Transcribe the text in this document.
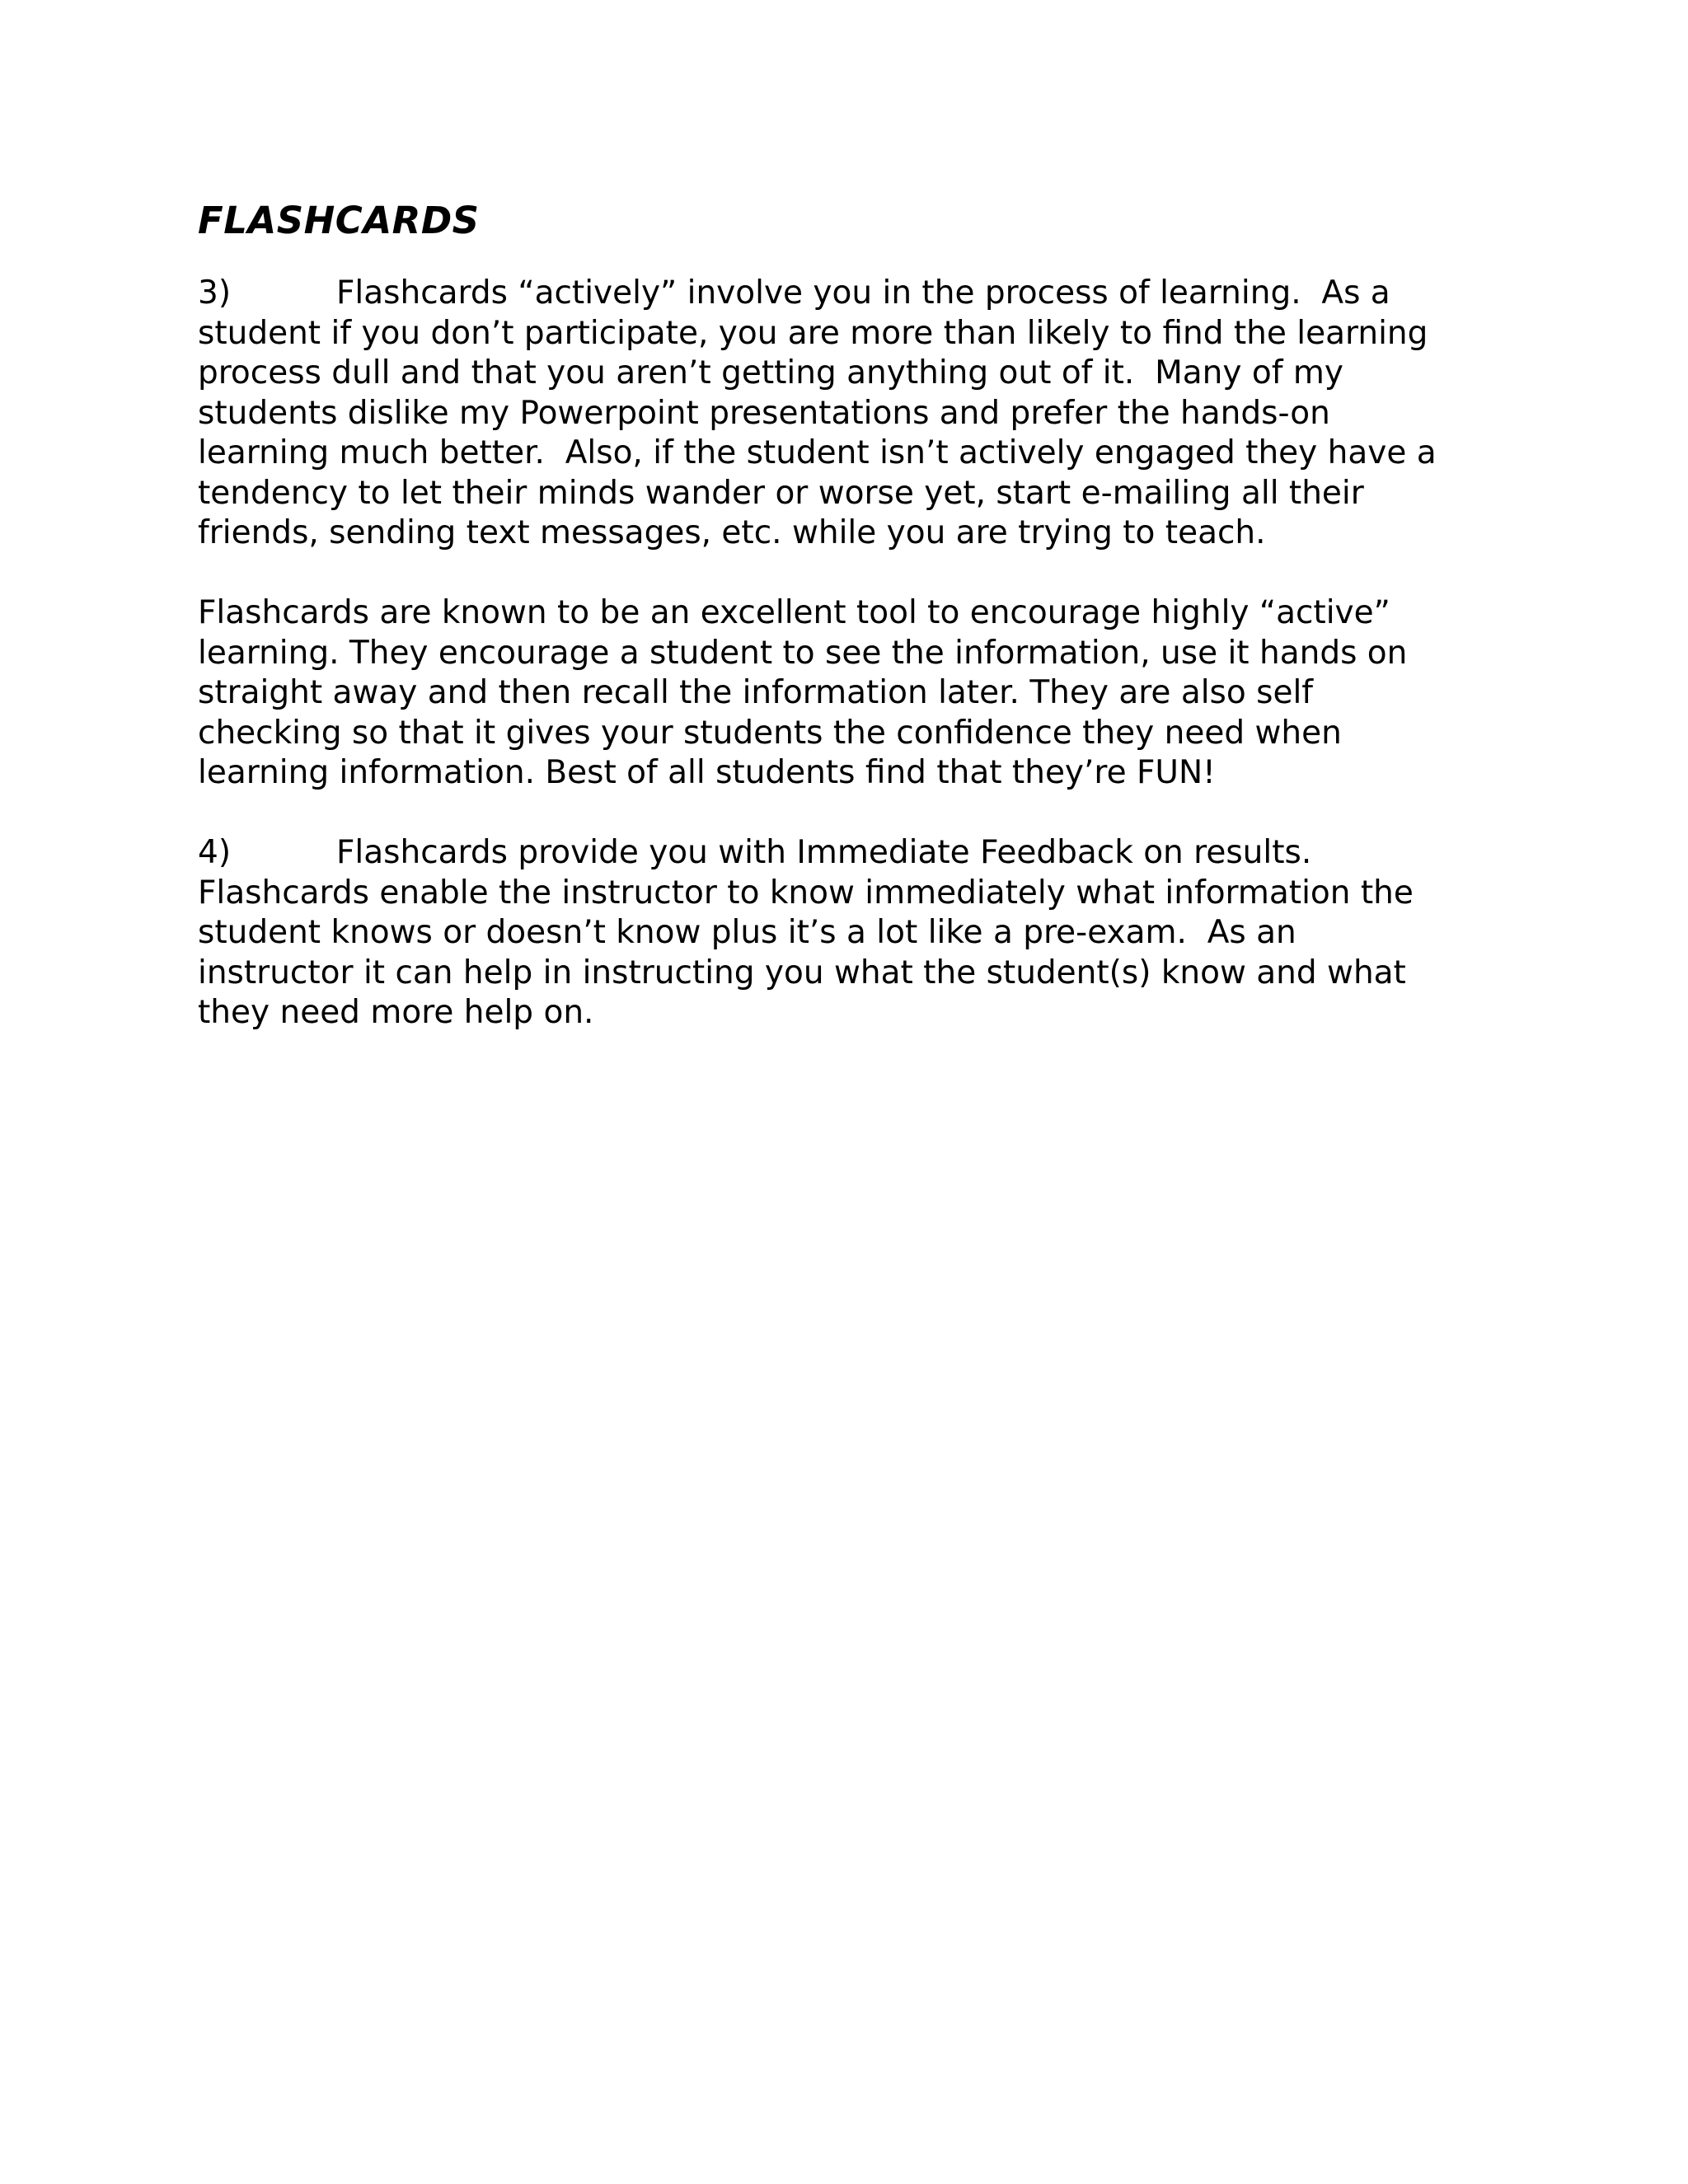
FLASHCARDS
3)	Flashcards “actively” involve you in the process of learning.  As a
student if you don’t participate, you are more than likely to find the learning
process dull and that you aren’t getting anything out of it.  Many of my
students dislike my Powerpoint presentations and prefer the hands-on
learning much better.  Also, if the student isn’t actively engaged they have a
tendency to let their minds wander or worse yet, start e-mailing all their
friends, sending text messages, etc. while you are trying to teach.
Flashcards are known to be an excellent tool to encourage highly “active”
learning. They encourage a student to see the information, use it hands on
straight away and then recall the information later. They are also self
checking so that it gives your students the confidence they need when
learning information. Best of all students find that they’re FUN!
4)	Flashcards provide you with Immediate Feedback on results.
Flashcards enable the instructor to know immediately what information the
student knows or doesn’t know plus it’s a lot like a pre-exam.  As an
instructor it can help in instructing you what the student(s) know and what
they need more help on.
